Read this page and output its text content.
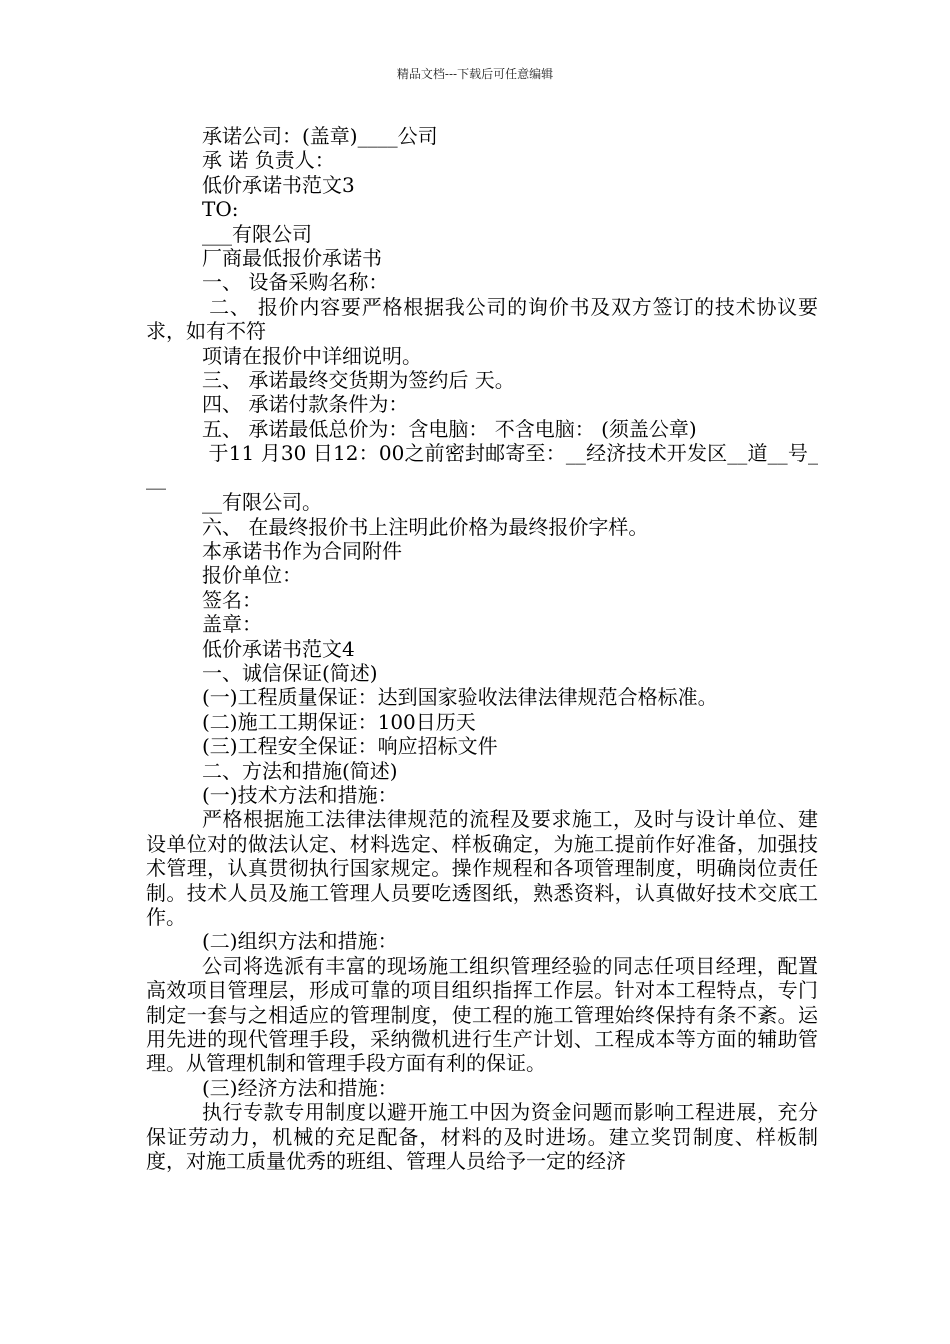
精品文档---下载后可任意编辑

承诺公司：(盖章)____公司

承 诺 负责人：

低价承诺书范文3

TO:

___有限公司

厂商最低报价承诺书

一、 设备采购名称：

二、 报价内容要严格根据我公司的询价书及双方签订的技术协议要求，如有不符

项请在报价中详细说明。

三、 承诺最终交货期为签约后 天。

四、 承诺付款条件为：

五、 承诺最低总价为：含电脑： 不含电脑： (须盖公章)

于11 月30 日12：00之前密封邮寄至：__经济技术开发区__道__号___

__有限公司。

六、 在最终报价书上注明此价格为最终报价字样。

本承诺书作为合同附件

报价单位：

签名：

盖章：

低价承诺书范文4

一、诚信保证(简述)

(一)工程质量保证：达到国家验收法律法律规范合格标准。

(二)施工工期保证：100日历天

(三)工程安全保证：响应招标文件

二、方法和措施(简述)

(一)技术方法和措施：

严格根据施工法律法律规范的流程及要求施工，及时与设计单位、建设单位对的做法认定、材料选定、样板确定，为施工提前作好准备，加强技术管理，认真贯彻执行国家规定。操作规程和各项管理制度，明确岗位责任制。技术人员及施工管理人员要吃透图纸，熟悉资料，认真做好技术交底工作。

(二)组织方法和措施：

公司将选派有丰富的现场施工组织管理经验的同志任项目经理，配置高效项目管理层，形成可靠的项目组织指挥工作层。针对本工程特点，专门制定一套与之相适应的管理制度，使工程的施工管理始终保持有条不紊。运用先进的现代管理手段，采纳微机进行生产计划、工程成本等方面的辅助管理。从管理机制和管理手段方面有利的保证。

(三)经济方法和措施：

执行专款专用制度以避开施工中因为资金问题而影响工程进展，充分保证劳动力，机械的充足配备，材料的及时进场。建立奖罚制度、样板制度，对施工质量优秀的班组、管理人员给予一定的经济
